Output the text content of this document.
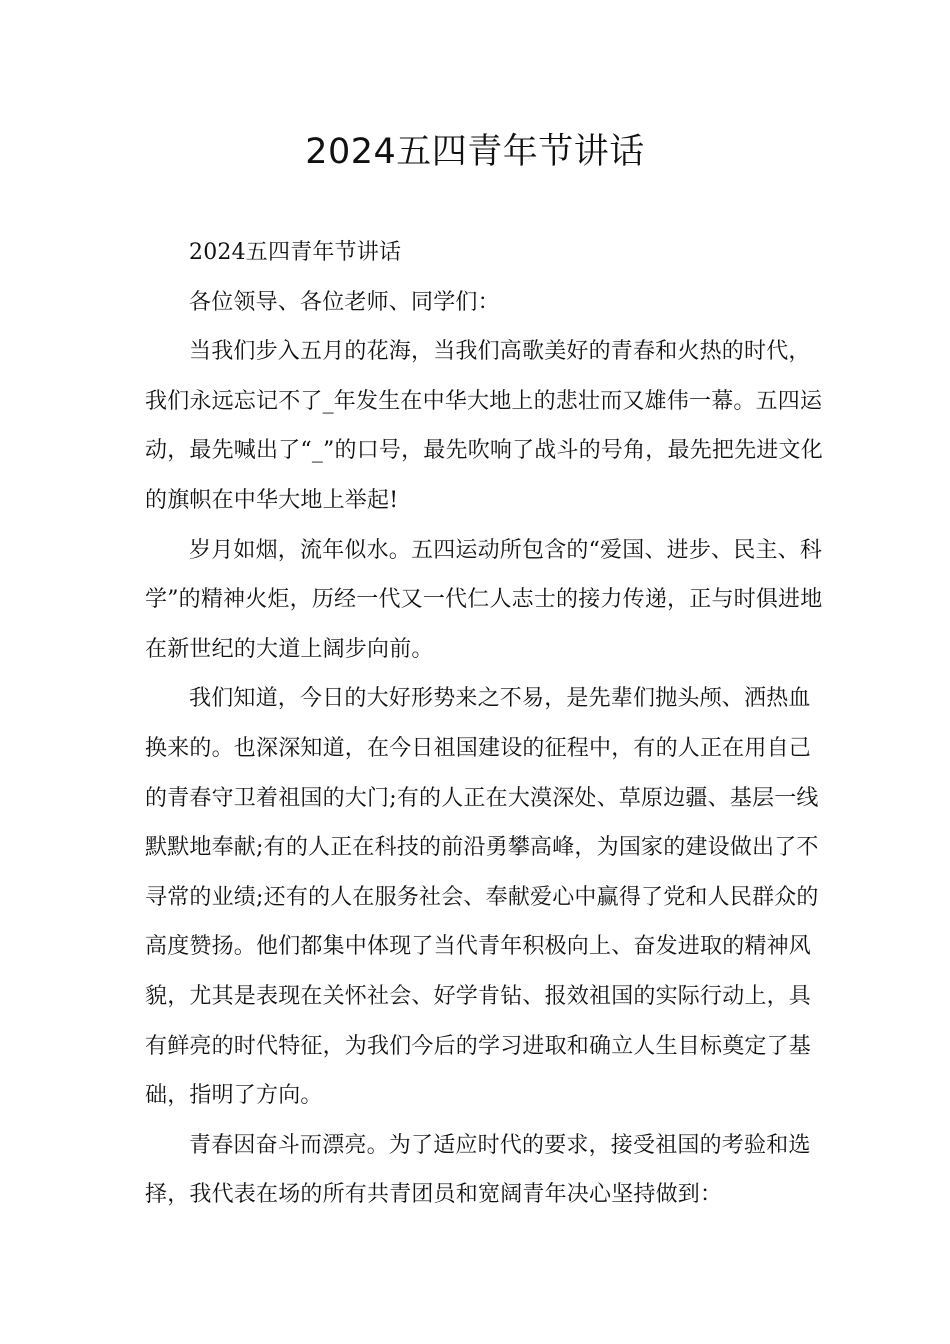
2024五四青年节讲话

2024五四青年节讲话

各位领导、各位老师、同学们：

当我们步入五月的花海，当我们高歌美好的青春和火热的时代，我们永远忘记不了_年发生在中华大地上的悲壮而又雄伟一幕。五四运动，最先喊出了“_”的口号，最先吹响了战斗的号角，最先把先进文化的旗帜在中华大地上举起!

岁月如烟，流年似水。五四运动所包含的“爱国、进步、民主、科学”的精神火炬，历经一代又一代仁人志士的接力传递，正与时俱进地在新世纪的大道上阔步向前。

我们知道，今日的大好形势来之不易，是先辈们抛头颅、洒热血换来的。也深深知道，在今日祖国建设的征程中，有的人正在用自己的青春守卫着祖国的大门;有的人正在大漠深处、草原边疆、基层一线默默地奉献;有的人正在科技的前沿勇攀高峰，为国家的建设做出了不寻常的业绩;还有的人在服务社会、奉献爱心中赢得了党和人民群众的高度赞扬。他们都集中体现了当代青年积极向上、奋发进取的精神风貌，尤其是表现在关怀社会、好学肯钻、报效祖国的实际行动上，具有鲜亮的时代特征，为我们今后的学习进取和确立人生目标奠定了基础，指明了方向。

青春因奋斗而漂亮。为了适应时代的要求，接受祖国的考验和选择，我代表在场的所有共青团员和宽阔青年决心坚持做到：
